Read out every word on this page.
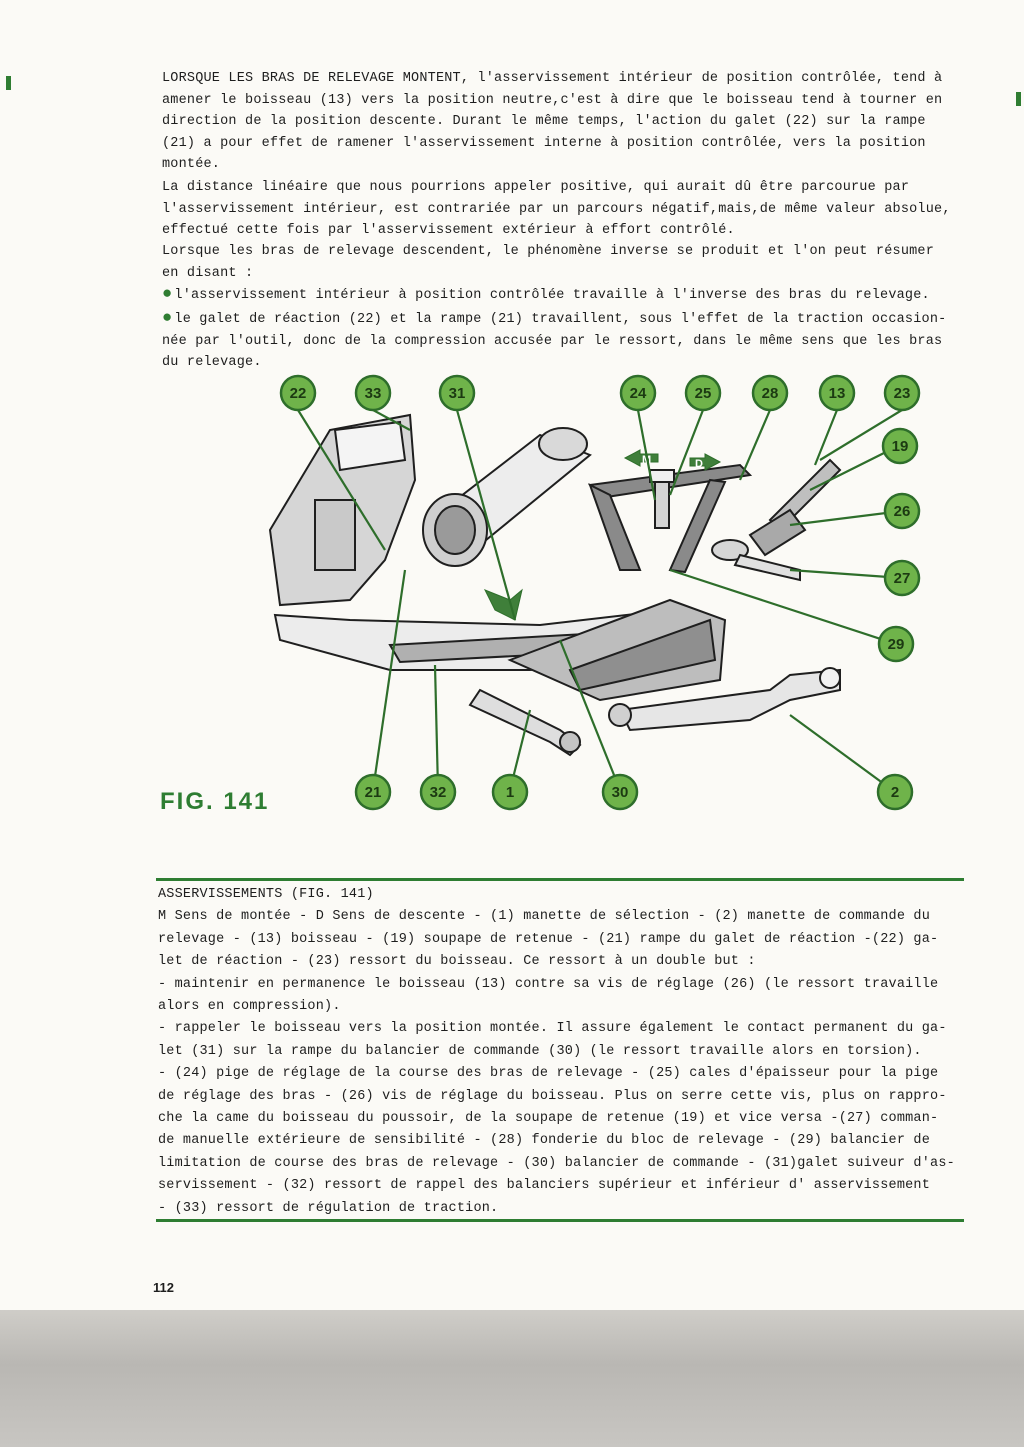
LORSQUE LES BRAS DE RELEVAGE MONTENT, l'asservissement intérieur de position contrôlée, tend à
amener le boisseau (13) vers la position neutre,c'est à dire que le boisseau tend à tourner en
direction de la position descente. Durant le même temps, l'action du galet (22) sur la rampe
(21) a pour effet de ramener l'asservissement interne à position contrôlée, vers la position
montée.
La distance linéaire que nous pourrions appeler positive, qui aurait dû être parcourue par
l'asservissement intérieur, est contrariée par un parcours négatif,mais,de même valeur absolue,
effectué cette fois par l'asservissement extérieur à effort contrôlé.
Lorsque les bras de relevage descendent, le phénomène inverse se produit et l'on peut résumer
en disant :
● l'asservissement intérieur à position contrôlée travaille à l'inverse des bras du relevage.
● le galet de réaction (22) et la rampe (21) travaillent, sous l'effet de la traction occasion-
née par l'outil, donc de la compression accusée par le ressort, dans le même sens que les bras
du relevage.
M	D
22	33	31	24	25	28	13	23
19
26
27
29
2
21	32	1	30
FIG. 141
ASSERVISSEMENTS (FIG. 141)
M Sens de montée - D Sens de descente - (1) manette de sélection - (2) manette de commande du
relevage - (13) boisseau - (19) soupape de retenue - (21) rampe du galet de réaction -(22) ga-
let de réaction - (23) ressort du boisseau. Ce ressort à un double but :
- maintenir en permanence le boisseau (13) contre sa vis de réglage (26) (le ressort travaille
alors en compression).
- rappeler le boisseau vers la position montée. Il assure également le contact permanent du ga-
let (31) sur la rampe du balancier de commande (30) (le ressort travaille alors en torsion).
- (24) pige de réglage de la course des bras de relevage - (25) cales d'épaisseur pour la pige
de réglage des bras - (26) vis de réglage du boisseau. Plus on serre cette vis, plus on rappro-
che la came du boisseau du poussoir, de la soupape de retenue (19) et vice versa -(27) comman-
de manuelle extérieure de sensibilité - (28) fonderie du bloc de relevage - (29) balancier de
limitation de course des bras de relevage - (30) balancier de commande - (31)galet suiveur d'as-
servissement - (32) ressort de rappel des balanciers supérieur et inférieur d' asservissement
- (33) ressort de régulation de traction.
112
